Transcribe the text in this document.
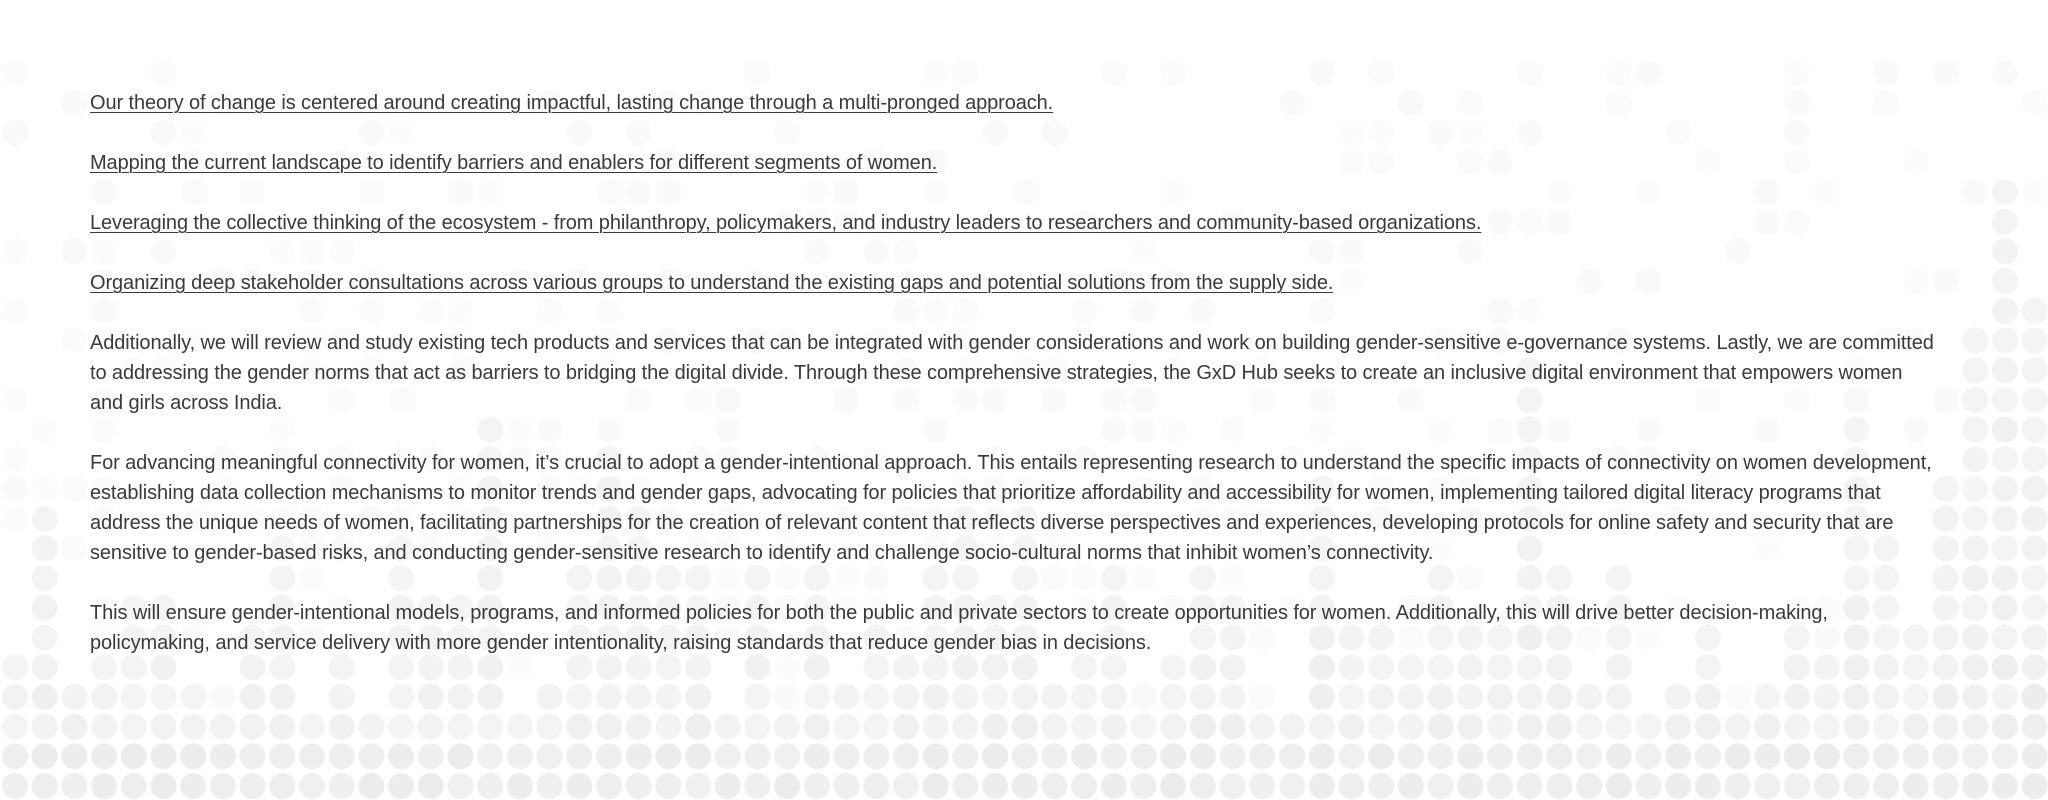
Our theory of change is centered around creating impactful, lasting change through a multi-pronged approach.

Mapping the current landscape to identify barriers and enablers for different segments of women.

Leveraging the collective thinking of the ecosystem - from philanthropy, policymakers, and industry leaders to researchers and community-based organizations.

Organizing deep stakeholder consultations across various groups to understand the existing gaps and potential solutions from the supply side.

Additionally, we will review and study existing tech products and services that can be integrated with gender considerations and work on building gender-sensitive e-governance systems. Lastly, we are committed to addressing the gender norms that act as barriers to bridging the digital divide. Through these comprehensive strategies, the GxD Hub seeks to create an inclusive digital environment that empowers women and girls across India.

For advancing meaningful connectivity for women, it’s crucial to adopt a gender-intentional approach. This entails representing research to understand the specific impacts of connectivity on women development, establishing data collection mechanisms to monitor trends and gender gaps, advocating for policies that prioritize affordability and accessibility for women, implementing tailored digital literacy programs that address the unique needs of women, facilitating partnerships for the creation of relevant content that reflects diverse perspectives and experiences, developing protocols for online safety and security that are sensitive to gender-based risks, and conducting gender-sensitive research to identify and challenge socio-cultural norms that inhibit women’s connectivity.

This will ensure gender-intentional models, programs, and informed policies for both the public and private sectors to create opportunities for women. Additionally, this will drive better decision-making, policymaking, and service delivery with more gender intentionality, raising standards that reduce gender bias in decisions.
